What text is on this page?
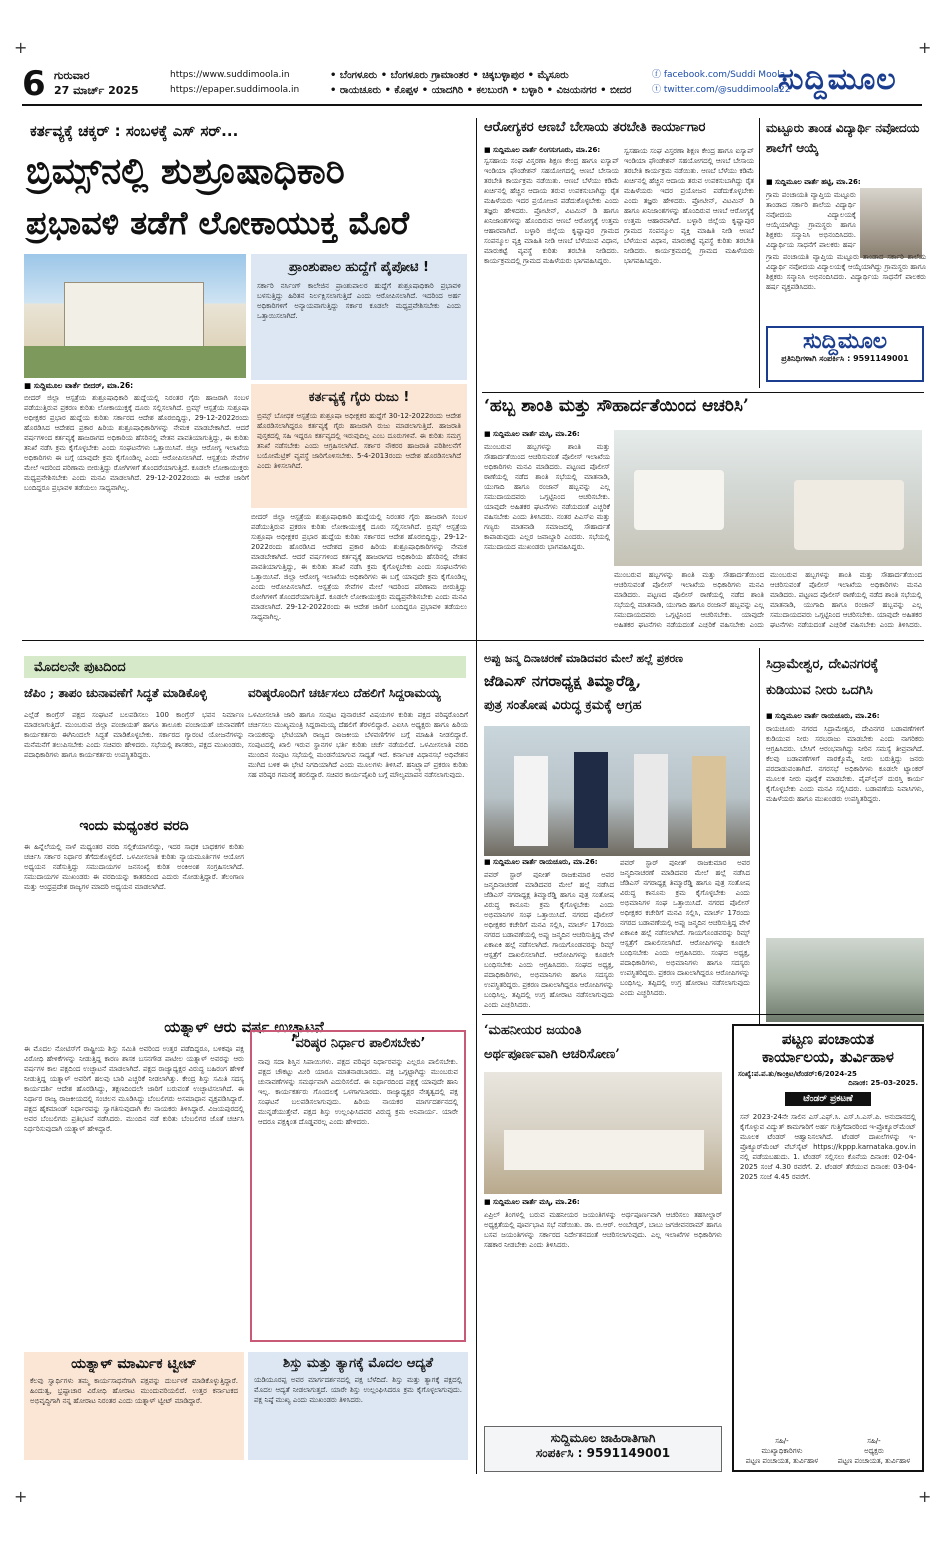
+	+
+	+
6 ಗುರುವಾರ
27 ಮಾರ್ಚ್ 2025
https://www.suddimoola.in
https://epaper.suddimoola.in
• ಬೆಂಗಳೂರು • ಬೆಂಗಳೂರು ಗ್ರಾಮಾಂತರ • ಚಿಕ್ಕಬಳ್ಳಾಪುರ • ಮೈಸೂರು
• ರಾಯಚೂರು • ಕೊಪ್ಪಳ • ಯಾದಗಿರಿ • ಕಲಬುರಗಿ • ಬಳ್ಳಾರಿ • ವಿಜಯನಗರ • ಬೀದರ
ⓕ facebook.com/Suddi Moola
ⓣ twitter.com/@suddimoola22
ಸುದ್ದಿಮೂಲ
ಕರ್ತವ್ಯಕ್ಕೆ ಚಕ್ಕರ್ : ಸಂಬಳಕ್ಕೆ ಎಸ್ ಸರ್...
ಬ್ರಿಮ್ಸ್‌ನಲ್ಲಿ ಶುಶ್ರೂಷಾಧಿಕಾರಿ
ಪ್ರಭಾವಳಿ ತಡೆಗೆ ಲೋಕಾಯುಕ್ತ ಮೊರೆ
■ ಸುದ್ದಿಮೂಲ ವಾರ್ತೆ ಬೀದರ್, ಮಾ.26:
ಬೀದರ್ ಜಿಲ್ಲಾ ಆಸ್ಪತ್ರೆಯ ಶುಶ್ರೂಷಾಧಿಕಾರಿ ಹುದ್ದೆಯಲ್ಲಿ ನಿರಂತರ ಗೈರು ಹಾಜರಾಗಿ ಸಂಬಳ ಪಡೆಯುತ್ತಿರುವ ಪ್ರಕರಣ ಕುರಿತು ಲೋಕಾಯುಕ್ತಕ್ಕೆ ದೂರು ಸಲ್ಲಿಸಲಾಗಿದೆ. ಬ್ರಿಮ್ಸ್ ಆಸ್ಪತ್ರೆಯ ಸುಶ್ರೂಷಾ ಅಧೀಕ್ಷಕರ ಪ್ರಭಾರ ಹುದ್ದೆಯ ಕುರಿತು ಸರ್ಕಾರದ ಆದೇಶ ಹೊರಬಿದ್ದಿದ್ದು, 29-12-2022ರಂದು ಹೊರಡಿಸಿದ ಆದೇಶದ ಪ್ರಕಾರ ಹಿರಿಯ ಶುಶ್ರೂಷಾಧಿಕಾರಿಗಳನ್ನು ನೇಮಕ ಮಾಡಬೇಕಾಗಿದೆ. ಆದರೆ ವರ್ಷಗಳಿಂದ ಕರ್ತವ್ಯಕ್ಕೆ ಹಾಜರಾಗದ ಅಧಿಕಾರಿಯ ಹೆಸರಿನಲ್ಲಿ ವೇತನ ಪಾವತಿಯಾಗುತ್ತಿದ್ದು, ಈ ಕುರಿತು ತನಿಖೆ ನಡೆಸಿ ಕ್ರಮ ಕೈಗೊಳ್ಳಬೇಕು ಎಂದು ಸಂಘಟನೆಗಳು ಒತ್ತಾಯಿಸಿವೆ. ಜಿಲ್ಲಾ ಆರೋಗ್ಯ ಇಲಾಖೆಯ ಅಧಿಕಾರಿಗಳು ಈ ಬಗ್ಗೆ ಯಾವುದೇ ಕ್ರಮ ಕೈಗೊಂಡಿಲ್ಲ ಎಂದು ಆರೋಪಿಸಲಾಗಿದೆ. ಆಸ್ಪತ್ರೆಯ ಸೇವೆಗಳ ಮೇಲೆ ಇದರಿಂದ ಪರಿಣಾಮ ಬೀರುತ್ತಿದ್ದು ರೋಗಿಗಳಿಗೆ ತೊಂದರೆಯಾಗುತ್ತಿದೆ. ಕೂಡಲೇ ಲೋಕಾಯುಕ್ತರು ಮಧ್ಯಪ್ರವೇಶಿಸಬೇಕು ಎಂದು ಮನವಿ ಮಾಡಲಾಗಿದೆ. 29-12-2022ರಂದು ಈ ಆದೇಶ ಜಾರಿಗೆ ಬಂದಿದ್ದರೂ ಪ್ರಭಾವಳಿ ತಡೆಯಲು ಸಾಧ್ಯವಾಗಿಲ್ಲ.
ಪ್ರಾಂಶುಪಾಲ ಹುದ್ದೆಗೆ ಪೈಪೋಟಿ !
ಸರ್ಕಾರಿ ನರ್ಸಿಂಗ್ ಕಾಲೇಜಿನ ಪ್ರಾಂಶುಪಾಲರ ಹುದ್ದೆಗೆ ಶುಶ್ರೂಷಾಧಿಕಾರಿ ಪ್ರಭಾವಳಿ ಬಳಸುತ್ತಿದ್ದು ಹಿರಿತನ ನಿರ್ಲಕ್ಷಿಸಲಾಗುತ್ತಿದೆ ಎಂದು ಆರೋಪಿಸಲಾಗಿದೆ. ಇದರಿಂದ ಅರ್ಹ ಅಧಿಕಾರಿಗಳಿಗೆ ಅನ್ಯಾಯವಾಗುತ್ತಿದ್ದು ಸರ್ಕಾರ ಕೂಡಲೇ ಮಧ್ಯಪ್ರವೇಶಿಸಬೇಕು ಎಂದು ಒತ್ತಾಯಿಸಲಾಗಿದೆ.
ಕರ್ತವ್ಯಕ್ಕೆ ಗೈರು ರುಜು !
ಬ್ರಿಮ್ಸ್ ಬೋಧಕ ಆಸ್ಪತ್ರೆಯ ಶುಶ್ರೂಷಾ ಅಧೀಕ್ಷಕರ ಹುದ್ದೆಗೆ 30-12-2022ರಂದು ಆದೇಶ ಹೊರಡಿಸಲಾಗಿದ್ದರೂ ಕರ್ತವ್ಯಕ್ಕೆ ಗೈರು ಹಾಜರಾಗಿ ರುಜು ಮಾಡಲಾಗುತ್ತಿದೆ. ಹಾಜರಾತಿ ಪುಸ್ತಕದಲ್ಲಿ ಸಹಿ ಇದ್ದರೂ ಕರ್ತವ್ಯದಲ್ಲಿ ಇರುವುದಿಲ್ಲ ಎಂಬ ದೂರುಗಳಿವೆ. ಈ ಕುರಿತು ಸಮಗ್ರ ತನಿಖೆ ನಡೆಸಬೇಕು ಎಂದು ಆಗ್ರಹಿಸಲಾಗಿದೆ. ಸರ್ಕಾರ ನೌಕರರ ಹಾಜರಾತಿ ಪರಿಶೀಲನೆಗೆ ಬಯೋಮೆಟ್ರಿಕ್ ವ್ಯವಸ್ಥೆ ಜಾರಿಗೊಳಿಸಬೇಕು. 5-4-2013ರಂದು ಆದೇಶ ಹೊರಡಿಸಲಾಗಿದೆ ಎಂದು ತಿಳಿಸಲಾಗಿದೆ.
ಬೀದರ್ ಜಿಲ್ಲಾ ಆಸ್ಪತ್ರೆಯ ಶುಶ್ರೂಷಾಧಿಕಾರಿ ಹುದ್ದೆಯಲ್ಲಿ ನಿರಂತರ ಗೈರು ಹಾಜರಾಗಿ ಸಂಬಳ ಪಡೆಯುತ್ತಿರುವ ಪ್ರಕರಣ ಕುರಿತು ಲೋಕಾಯುಕ್ತಕ್ಕೆ ದೂರು ಸಲ್ಲಿಸಲಾಗಿದೆ. ಬ್ರಿಮ್ಸ್ ಆಸ್ಪತ್ರೆಯ ಸುಶ್ರೂಷಾ ಅಧೀಕ್ಷಕರ ಪ್ರಭಾರ ಹುದ್ದೆಯ ಕುರಿತು ಸರ್ಕಾರದ ಆದೇಶ ಹೊರಬಿದ್ದಿದ್ದು, 29-12-2022ರಂದು ಹೊರಡಿಸಿದ ಆದೇಶದ ಪ್ರಕಾರ ಹಿರಿಯ ಶುಶ್ರೂಷಾಧಿಕಾರಿಗಳನ್ನು ನೇಮಕ ಮಾಡಬೇಕಾಗಿದೆ. ಆದರೆ ವರ್ಷಗಳಿಂದ ಕರ್ತವ್ಯಕ್ಕೆ ಹಾಜರಾಗದ ಅಧಿಕಾರಿಯ ಹೆಸರಿನಲ್ಲಿ ವೇತನ ಪಾವತಿಯಾಗುತ್ತಿದ್ದು, ಈ ಕುರಿತು ತನಿಖೆ ನಡೆಸಿ ಕ್ರಮ ಕೈಗೊಳ್ಳಬೇಕು ಎಂದು ಸಂಘಟನೆಗಳು ಒತ್ತಾಯಿಸಿವೆ. ಜಿಲ್ಲಾ ಆರೋಗ್ಯ ಇಲಾಖೆಯ ಅಧಿಕಾರಿಗಳು ಈ ಬಗ್ಗೆ ಯಾವುದೇ ಕ್ರಮ ಕೈಗೊಂಡಿಲ್ಲ ಎಂದು ಆರೋಪಿಸಲಾಗಿದೆ. ಆಸ್ಪತ್ರೆಯ ಸೇವೆಗಳ ಮೇಲೆ ಇದರಿಂದ ಪರಿಣಾಮ ಬೀರುತ್ತಿದ್ದು ರೋಗಿಗಳಿಗೆ ತೊಂದರೆಯಾಗುತ್ತಿದೆ. ಕೂಡಲೇ ಲೋಕಾಯುಕ್ತರು ಮಧ್ಯಪ್ರವೇಶಿಸಬೇಕು ಎಂದು ಮನವಿ ಮಾಡಲಾಗಿದೆ. 29-12-2022ರಂದು ಈ ಆದೇಶ ಜಾರಿಗೆ ಬಂದಿದ್ದರೂ ಪ್ರಭಾವಳಿ ತಡೆಯಲು ಸಾಧ್ಯವಾಗಿಲ್ಲ.
ಆರೋಗ್ಯಕರ ಆಣಬೆ ಬೇಸಾಯ ತರಬೇತಿ ಕಾರ್ಯಾಗಾರ
■ ಸುದ್ದಿಮೂಲ ವಾರ್ತೆ ಲಿಂಗಸುಗೂರು, ಮಾ.26:
ಸ್ವಸಹಾಯ ಸಂಘ ವಿಸ್ತರಣಾ ಶಿಕ್ಷಣ ಕೇಂದ್ರ ಹಾಗೂ ಐಸ್ಯಾಪ್ ಇಂಡಿಯಾ ಫೌಂಡೇಶನ್ ಸಹಯೋಗದಲ್ಲಿ ಆಣಬೆ ಬೇಸಾಯ ತರಬೇತಿ ಕಾರ್ಯಕ್ರಮ ನಡೆಯಿತು. ಆಣಬೆ ಬೆಳೆಯು ಕಡಿಮೆ ಖರ್ಚಿನಲ್ಲಿ ಹೆಚ್ಚಿನ ಆದಾಯ ತರುವ ಉಪಕಸುಬಾಗಿದ್ದು ರೈತ ಮಹಿಳೆಯರು ಇದರ ಪ್ರಯೋಜನ ಪಡೆದುಕೊಳ್ಳಬೇಕು ಎಂದು ತಜ್ಞರು ಹೇಳಿದರು. ಪ್ರೋಟೀನ್, ವಿಟಮಿನ್ ಡಿ ಹಾಗೂ ಖನಿಜಾಂಶಗಳನ್ನು ಹೊಂದಿರುವ ಆಣಬೆ ಆರೋಗ್ಯಕ್ಕೆ ಉತ್ತಮ ಆಹಾರವಾಗಿದೆ. ಬಳ್ಳಾರಿ ಜಿಲ್ಲೆಯ ಕೃಷ್ಣಾಪುರ ಗ್ರಾಮದ ಸಂಪನ್ಮೂಲ ವ್ಯಕ್ತಿ ಮಾಹಿತಿ ನೀಡಿ ಆಣಬೆ ಬೆಳೆಯುವ ವಿಧಾನ, ಮಾರುಕಟ್ಟೆ ವ್ಯವಸ್ಥೆ ಕುರಿತು ತರಬೇತಿ ನೀಡಿದರು. ಕಾರ್ಯಕ್ರಮದಲ್ಲಿ ಗ್ರಾಮದ ಮಹಿಳೆಯರು ಭಾಗವಹಿಸಿದ್ದರು.
ಸ್ವಸಹಾಯ ಸಂಘ ವಿಸ್ತರಣಾ ಶಿಕ್ಷಣ ಕೇಂದ್ರ ಹಾಗೂ ಐಸ್ಯಾಪ್ ಇಂಡಿಯಾ ಫೌಂಡೇಶನ್ ಸಹಯೋಗದಲ್ಲಿ ಆಣಬೆ ಬೇಸಾಯ ತರಬೇತಿ ಕಾರ್ಯಕ್ರಮ ನಡೆಯಿತು. ಆಣಬೆ ಬೆಳೆಯು ಕಡಿಮೆ ಖರ್ಚಿನಲ್ಲಿ ಹೆಚ್ಚಿನ ಆದಾಯ ತರುವ ಉಪಕಸುಬಾಗಿದ್ದು ರೈತ ಮಹಿಳೆಯರು ಇದರ ಪ್ರಯೋಜನ ಪಡೆದುಕೊಳ್ಳಬೇಕು ಎಂದು ತಜ್ಞರು ಹೇಳಿದರು. ಪ್ರೋಟೀನ್, ವಿಟಮಿನ್ ಡಿ ಹಾಗೂ ಖನಿಜಾಂಶಗಳನ್ನು ಹೊಂದಿರುವ ಆಣಬೆ ಆರೋಗ್ಯಕ್ಕೆ ಉತ್ತಮ ಆಹಾರವಾಗಿದೆ. ಬಳ್ಳಾರಿ ಜಿಲ್ಲೆಯ ಕೃಷ್ಣಾಪುರ ಗ್ರಾಮದ ಸಂಪನ್ಮೂಲ ವ್ಯಕ್ತಿ ಮಾಹಿತಿ ನೀಡಿ ಆಣಬೆ ಬೆಳೆಯುವ ವಿಧಾನ, ಮಾರುಕಟ್ಟೆ ವ್ಯವಸ್ಥೆ ಕುರಿತು ತರಬೇತಿ ನೀಡಿದರು. ಕಾರ್ಯಕ್ರಮದಲ್ಲಿ ಗ್ರಾಮದ ಮಹಿಳೆಯರು ಭಾಗವಹಿಸಿದ್ದರು.
ಮಟ್ಟೂರು ತಾಂಡ ವಿದ್ಯಾರ್ಥಿ ನವೋದಯ ಶಾಲೆಗೆ ಆಯ್ಕೆ
■ ಸುದ್ದಿಮೂಲ ವಾರ್ತೆ ಹಟ್ಟಿ, ಮಾ.26:
ಗ್ರಾಮ ಪಂಚಾಯತಿ ವ್ಯಾಪ್ತಿಯ ಮಟ್ಟೂರು ತಾಂಡಾದ ಸರ್ಕಾರಿ ಶಾಲೆಯ ವಿದ್ಯಾರ್ಥಿ ನವೋದಯ ವಿದ್ಯಾಲಯಕ್ಕೆ ಆಯ್ಕೆಯಾಗಿದ್ದು ಗ್ರಾಮಸ್ಥರು ಹಾಗೂ ಶಿಕ್ಷಕರು ಸನ್ಮಾನಿಸಿ ಅಭಿನಂದಿಸಿದರು. ವಿದ್ಯಾರ್ಥಿಯ ಸಾಧನೆಗೆ ಪಾಲಕರು ಹರ್ಷ
ಗ್ರಾಮ ಪಂಚಾಯತಿ ವ್ಯಾಪ್ತಿಯ ಮಟ್ಟೂರು ತಾಂಡಾದ ಸರ್ಕಾರಿ ಶಾಲೆಯ ವಿದ್ಯಾರ್ಥಿ ನವೋದಯ ವಿದ್ಯಾಲಯಕ್ಕೆ ಆಯ್ಕೆಯಾಗಿದ್ದು ಗ್ರಾಮಸ್ಥರು ಹಾಗೂ ಶಿಕ್ಷಕರು ಸನ್ಮಾನಿಸಿ ಅಭಿನಂದಿಸಿದರು. ವಿದ್ಯಾರ್ಥಿಯ ಸಾಧನೆಗೆ ಪಾಲಕರು ಹರ್ಷ ವ್ಯಕ್ತಪಡಿಸಿದರು.
ಸುದ್ದಿಮೂಲ
ಪ್ರತಿನಿಧಿಗಳಾಗಿ ಸಂಪರ್ಕಿಸಿ : 9591149001
‘ಹಬ್ಬ ಶಾಂತಿ ಮತ್ತು ಸೌಹಾರ್ದತೆಯಿಂದ ಆಚರಿಸಿ’
■ ಸುದ್ದಿಮೂಲ ವಾರ್ತೆ ಮಸ್ಕಿ, ಮಾ.26:
ಮುಂಬರುವ ಹಬ್ಬಗಳನ್ನು ಶಾಂತಿ ಮತ್ತು ಸೌಹಾರ್ದತೆಯಿಂದ ಆಚರಿಸುವಂತೆ ಪೊಲೀಸ್ ಇಲಾಖೆಯ ಅಧಿಕಾರಿಗಳು ಮನವಿ ಮಾಡಿದರು. ಪಟ್ಟಣದ ಪೊಲೀಸ್ ಠಾಣೆಯಲ್ಲಿ ನಡೆದ ಶಾಂತಿ ಸಭೆಯಲ್ಲಿ ಮಾತನಾಡಿ, ಯುಗಾದಿ ಹಾಗೂ ರಂಜಾನ್ ಹಬ್ಬವನ್ನು ಎಲ್ಲ ಸಮುದಾಯದವರು ಒಗ್ಗಟ್ಟಿನಿಂದ ಆಚರಿಸಬೇಕು. ಯಾವುದೇ ಅಹಿತಕರ ಘಟನೆಗಳು ನಡೆಯದಂತೆ ಎಚ್ಚರಿಕೆ ವಹಿಸಬೇಕು ಎಂದು ತಿಳಿಸಿದರು. ನಂತರ ಪಿಎಸ್ಐ ಮತ್ತು ಗಣ್ಯರು ಮಾತನಾಡಿ ಸಮಾಜದಲ್ಲಿ ಸೌಹಾರ್ದತೆ ಕಾಪಾಡುವುದು ಎಲ್ಲರ ಜವಾಬ್ದಾರಿ ಎಂದರು. ಸಭೆಯಲ್ಲಿ ಸಮುದಾಯದ ಮುಖಂಡರು ಭಾಗವಹಿಸಿದ್ದರು.
ಮುಂಬರುವ ಹಬ್ಬಗಳನ್ನು ಶಾಂತಿ ಮತ್ತು ಸೌಹಾರ್ದತೆಯಿಂದ ಆಚರಿಸುವಂತೆ ಪೊಲೀಸ್ ಇಲಾಖೆಯ ಅಧಿಕಾರಿಗಳು ಮನವಿ ಮಾಡಿದರು. ಪಟ್ಟಣದ ಪೊಲೀಸ್ ಠಾಣೆಯಲ್ಲಿ ನಡೆದ ಶಾಂತಿ ಸಭೆಯಲ್ಲಿ ಮಾತನಾಡಿ, ಯುಗಾದಿ ಹಾಗೂ ರಂಜಾನ್ ಹಬ್ಬವನ್ನು ಎಲ್ಲ ಸಮುದಾಯದವರು ಒಗ್ಗಟ್ಟಿನಿಂದ ಆಚರಿಸಬೇಕು. ಯಾವುದೇ ಅಹಿತಕರ ಘಟನೆಗಳು ನಡೆಯದಂತೆ ಎಚ್ಚರಿಕೆ ವಹಿಸಬೇಕು ಎಂದು
ಮುಂಬರುವ ಹಬ್ಬಗಳನ್ನು ಶಾಂತಿ ಮತ್ತು ಸೌಹಾರ್ದತೆಯಿಂದ ಆಚರಿಸುವಂತೆ ಪೊಲೀಸ್ ಇಲಾಖೆಯ ಅಧಿಕಾರಿಗಳು ಮನವಿ ಮಾಡಿದರು. ಪಟ್ಟಣದ ಪೊಲೀಸ್ ಠಾಣೆಯಲ್ಲಿ ನಡೆದ ಶಾಂತಿ ಸಭೆಯಲ್ಲಿ ಮಾತನಾಡಿ, ಯುಗಾದಿ ಹಾಗೂ ರಂಜಾನ್ ಹಬ್ಬವನ್ನು ಎಲ್ಲ ಸಮುದಾಯದವರು ಒಗ್ಗಟ್ಟಿನಿಂದ ಆಚರಿಸಬೇಕು. ಯಾವುದೇ ಅಹಿತಕರ ಘಟನೆಗಳು ನಡೆಯದಂತೆ ಎಚ್ಚರಿಕೆ ವಹಿಸಬೇಕು ಎಂದು ತಿಳಿಸಿದರು.
ಮೊದಲನೇ ಪುಟದಿಂದ
ಜೆಪಿಂ ; ತಾಪಂ ಚುನಾವಣೆಗೆ ಸಿದ್ಧತೆ ಮಾಡಿಕೊಳ್ಳಿ
ಎಲ್ಲೆಡೆ ಕಾಂಗ್ರೆಸ್ ಪಕ್ಷದ ಸಂಘಟನೆ ಬಲಪಡಿಸಲು 100 ಕಾಂಗ್ರೆಸ್ ಭವನ ನಿರ್ಮಾಣ ಮಾಡಲಾಗುತ್ತಿದೆ. ಮುಂಬರುವ ಜಿಲ್ಲಾ ಪಂಚಾಯತ್ ಹಾಗೂ ತಾಲೂಕು ಪಂಚಾಯತ್ ಚುನಾವಣೆಗೆ ಕಾರ್ಯಕರ್ತರು ಈಗಿನಿಂದಲೇ ಸಿದ್ಧತೆ ಮಾಡಿಕೊಳ್ಳಬೇಕು. ಸರ್ಕಾರದ ಗ್ಯಾರಂಟಿ ಯೋಜನೆಗಳನ್ನು ಮನೆಮನೆಗೆ ತಲುಪಿಸಬೇಕು ಎಂದು ಸಚಿವರು ಹೇಳಿದರು. ಸಭೆಯಲ್ಲಿ ಶಾಸಕರು, ಪಕ್ಷದ ಮುಖಂಡರು, ಪದಾಧಿಕಾರಿಗಳು ಹಾಗೂ ಕಾರ್ಯಕರ್ತರು ಉಪಸ್ಥಿತರಿದ್ದರು.
ಇಂದು ಮಧ್ಯಂತರ ವರದಿ
ಈ ಹಿನ್ನೆಲೆಯಲ್ಲಿ ನಾಳೆ ಮಧ್ಯಂತರ ವರದಿ ಸಲ್ಲಿಕೆಯಾಗಲಿದ್ದು, ಇದರ ಸಾಧಕ ಬಾಧಕಗಳ ಕುರಿತು ಚರ್ಚಿಸಿ ಸರ್ಕಾರ ನಿರ್ಧಾರ ತೆಗೆದುಕೊಳ್ಳಲಿದೆ. ಒಳಮೀಸಲಾತಿ ಕುರಿತು ನ್ಯಾಯಮೂರ್ತಿಗಳ ಆಯೋಗ ಅಧ್ಯಯನ ನಡೆಸುತ್ತಿದ್ದು ಸಮುದಾಯಗಳ ಜನಸಂಖ್ಯೆ ಕುರಿತ ಅಂಕಿಅಂಶ ಸಂಗ್ರಹಿಸಲಾಗಿದೆ. ಸಮುದಾಯಗಳ ಮುಖಂಡರು ಈ ವರದಿಯನ್ನು ಕಾತರದಿಂದ ಎದುರು ನೋಡುತ್ತಿದ್ದಾರೆ. ತೆಲಂಗಾಣ ಮತ್ತು ಆಂಧ್ರಪ್ರದೇಶ ರಾಜ್ಯಗಳ ಮಾದರಿ ಅಧ್ಯಯನ ಮಾಡಲಾಗಿದೆ.
ಯತ್ನಾಳ್ ಆರು ವರ್ಷ ಉಚ್ಛಾಟನೆ
ಈ ಮೊದಲ ನೋಟಿಸ್‌ಗೆ ರಾಷ್ಟ್ರೀಯ ಶಿಸ್ತು ಸಮಿತಿ ಅವರಿಂದ ಉತ್ತರ ಪಡೆದಿದ್ದರೂ, ಬಳಿಕವೂ ಪಕ್ಷ ವಿರೋಧಿ ಹೇಳಿಕೆಗಳನ್ನು ನೀಡುತ್ತಿದ್ದ ಕಾರಣ ಶಾಸಕ ಬಸನಗೌಡ ಪಾಟೀಲ ಯತ್ನಾಳ್ ಅವರನ್ನು ಆರು ವರ್ಷಗಳ ಕಾಲ ಪಕ್ಷದಿಂದ ಉಚ್ಛಾಟನೆ ಮಾಡಲಾಗಿದೆ. ಪಕ್ಷದ ರಾಜ್ಯಾಧ್ಯಕ್ಷರ ವಿರುದ್ಧ ಬಹಿರಂಗ ಹೇಳಿಕೆ ನೀಡುತ್ತಿದ್ದ ಯತ್ನಾಳ್ ಅವರಿಗೆ ಹಲವು ಬಾರಿ ಎಚ್ಚರಿಕೆ ನೀಡಲಾಗಿತ್ತು. ಕೇಂದ್ರ ಶಿಸ್ತು ಸಮಿತಿ ಸದಸ್ಯ ಕಾರ್ಯದರ್ಶಿ ಆದೇಶ ಹೊರಡಿಸಿದ್ದು, ತಕ್ಷಣದಿಂದಲೇ ಜಾರಿಗೆ ಬರುವಂತೆ ಉಚ್ಛಾಟಿಸಲಾಗಿದೆ. ಈ ನಿರ್ಧಾರ ರಾಜ್ಯ ರಾಜಕೀಯದಲ್ಲಿ ಸಂಚಲನ ಮೂಡಿಸಿದ್ದು ಬೆಂಬಲಿಗರು ಅಸಮಾಧಾನ ವ್ಯಕ್ತಪಡಿಸಿದ್ದಾರೆ. ಪಕ್ಷದ ಹೈಕಮಾಂಡ್ ನಿರ್ಧಾರವನ್ನು ಸ್ವಾಗತಿಸುವುದಾಗಿ ಕೆಲ ನಾಯಕರು ತಿಳಿಸಿದ್ದಾರೆ. ವಿಜಯಪುರದಲ್ಲಿ ಅವರ ಬೆಂಬಲಿಗರು ಪ್ರತಿಭಟನೆ ನಡೆಸಿದರು. ಮುಂದಿನ ನಡೆ ಕುರಿತು ಬೆಂಬಲಿಗರ ಜೊತೆ ಚರ್ಚಿಸಿ ನಿರ್ಧರಿಸುವುದಾಗಿ ಯತ್ನಾಳ್ ಹೇಳಿದ್ದಾರೆ.
ಯತ್ನಾಳ್ ಮಾರ್ಮಿಕ ಟ್ವೀಟ್
ಕೆಲವು ಸ್ವಾರ್ಥಿಗಳು ತಮ್ಮ ಕಾರ್ಯಸಾಧನೆಗಾಗಿ ಪಕ್ಷವನ್ನು ದುರ್ಬಳಕೆ ಮಾಡಿಕೊಳ್ಳುತ್ತಿದ್ದಾರೆ. ಹಿಂದುತ್ವ, ಭ್ರಷ್ಟಾಚಾರ ವಿರೋಧಿ ಹೋರಾಟ ಮುಂದುವರಿಯಲಿದೆ. ಉತ್ತರ ಕರ್ನಾಟಕದ ಅಭಿವೃದ್ಧಿಗಾಗಿ ನನ್ನ ಹೋರಾಟ ನಿರಂತರ ಎಂದು ಯತ್ನಾಳ್ ಟ್ವೀಟ್ ಮಾಡಿದ್ದಾರೆ.
ವರಿಷ್ಠರೊಂದಿಗೆ ಚರ್ಚಿಸಲು ದೆಹಲಿಗೆ ಸಿದ್ದರಾಮಯ್ಯ
ಒಳಮೀಸಲಾತಿ ಜಾರಿ ಹಾಗೂ ಸಂಪುಟ ಪುನಾರಚನೆ ವಿಷಯಗಳ ಕುರಿತು ಪಕ್ಷದ ವರಿಷ್ಠರೊಂದಿಗೆ ಚರ್ಚಿಸಲು ಮುಖ್ಯಮಂತ್ರಿ ಸಿದ್ದರಾಮಯ್ಯ ದೆಹಲಿಗೆ ತೆರಳಲಿದ್ದಾರೆ. ಎಐಸಿಸಿ ಅಧ್ಯಕ್ಷರು ಹಾಗೂ ಹಿರಿಯ ನಾಯಕರನ್ನು ಭೇಟಿಯಾಗಿ ರಾಜ್ಯದ ರಾಜಕೀಯ ಬೆಳವಣಿಗೆಗಳ ಬಗ್ಗೆ ಮಾಹಿತಿ ನೀಡಲಿದ್ದಾರೆ. ಸಂಪುಟದಲ್ಲಿ ಖಾಲಿ ಇರುವ ಸ್ಥಾನಗಳ ಭರ್ತಿ ಕುರಿತು ಚರ್ಚೆ ನಡೆಯಲಿದೆ. ಒಳಮೀಸಲಾತಿ ವರದಿ ಮುಂದಿನ ಸಂಪುಟ ಸಭೆಯಲ್ಲಿ ಮಂಡನೆಯಾಗುವ ಸಾಧ್ಯತೆ ಇದೆ. ಕರ್ನಾಟಕ ವಿಧಾನಸಭೆ ಅಧಿವೇಶನ ಮುಗಿದ ಬಳಿಕ ಈ ಭೇಟಿ ನಿಗದಿಯಾಗಿದೆ ಎಂದು ಮೂಲಗಳು ತಿಳಿಸಿವೆ. ಹನಿಟ್ರ್ಯಾಪ್ ಪ್ರಕರಣ ಕುರಿತು ಸಹ ವರಿಷ್ಠರ ಗಮನಕ್ಕೆ ತರಲಿದ್ದಾರೆ. ಸಚಿವರ ಕಾರ್ಯವೈಖರಿ ಬಗ್ಗೆ ಮೌಲ್ಯಮಾಪನ ನಡೆಸಲಾಗುವುದು.
‘ವರಿಷ್ಠರ ನಿರ್ಧಾರ ಪಾಲಿಸಬೇಕು’
ನಾವು ಸದಾ ಶಿಸ್ತಿನ ಸಿಪಾಯಿಗಳು. ಪಕ್ಷದ ವರಿಷ್ಠರ ನಿರ್ಧಾರವನ್ನು ಎಲ್ಲರೂ ಪಾಲಿಸಬೇಕು. ಪಕ್ಷದ ಚೌಕಟ್ಟು ಮೀರಿ ಯಾರೂ ಮಾತನಾಡಬಾರದು. ಪಕ್ಷ ಒಗ್ಗಟ್ಟಾಗಿದ್ದು ಮುಂಬರುವ ಚುನಾವಣೆಗಳನ್ನು ಸಮರ್ಥವಾಗಿ ಎದುರಿಸಲಿದೆ. ಈ ನಿರ್ಧಾರದಿಂದ ಪಕ್ಷಕ್ಕೆ ಯಾವುದೇ ಹಾನಿ ಇಲ್ಲ. ಕಾರ್ಯಕರ್ತರು ಗೊಂದಲಕ್ಕೆ ಒಳಗಾಗಬಾರದು. ರಾಜ್ಯಾಧ್ಯಕ್ಷರ ನೇತೃತ್ವದಲ್ಲಿ ಪಕ್ಷ ಸಂಘಟನೆ ಬಲಪಡಿಸಲಾಗುವುದು. ಹಿರಿಯ ನಾಯಕರ ಮಾರ್ಗದರ್ಶನದಲ್ಲಿ ಮುನ್ನಡೆಯುತ್ತೇವೆ. ಪಕ್ಷದ ಶಿಸ್ತು ಉಲ್ಲಂಘಿಸಿದವರ ವಿರುದ್ಧ ಕ್ರಮ ಅನಿವಾರ್ಯ. ಯಾರೇ ಆದರೂ ಪಕ್ಷಕ್ಕಿಂತ ದೊಡ್ಡವರಲ್ಲ ಎಂದು ಹೇಳಿದರು.
ಶಿಸ್ತು ಮತ್ತು ತ್ಯಾಗಕ್ಕೆ ಮೊದಲ ಆದ್ಯತೆ
ಯಡಿಯೂರಪ್ಪ ಅವರ ಮಾರ್ಗದರ್ಶನದಲ್ಲಿ ಪಕ್ಷ ಬೆಳೆದಿದೆ. ಶಿಸ್ತು ಮತ್ತು ತ್ಯಾಗಕ್ಕೆ ಪಕ್ಷದಲ್ಲಿ ಮೊದಲ ಆದ್ಯತೆ ನೀಡಲಾಗುತ್ತದೆ. ಯಾರೇ ಶಿಸ್ತು ಉಲ್ಲಂಘಿಸಿದರೂ ಕ್ರಮ ಕೈಗೊಳ್ಳಲಾಗುವುದು. ಪಕ್ಷ ನಿಷ್ಠೆ ಮುಖ್ಯ ಎಂದು ಮುಖಂಡರು ತಿಳಿಸಿದರು.
ಅಪ್ಪು ಜನ್ಮ ದಿನಾಚರಣೆ ಮಾಡಿದವರ ಮೇಲೆ ಹಲ್ಲೆ ಪ್ರಕರಣ
ಜೆಡಿಎಸ್ ನಗರಾಧ್ಯಕ್ಷ ತಿಮ್ಮಾರೆಡ್ಡಿ,
ಪುತ್ರ ಸಂತೋಷ ವಿರುದ್ಧ ಕ್ರಮಕ್ಕೆ ಆಗ್ರಹ
■ ಸುದ್ದಿಮೂಲ ವಾರ್ತೆ ರಾಯಚೂರು, ಮಾ.26:
ಪವರ್ ಸ್ಟಾರ್ ಪುನೀತ್ ರಾಜಕುಮಾರ ಅವರ ಜನ್ಮದಿನಾಚರಣೆ ಮಾಡಿದವರ ಮೇಲೆ ಹಲ್ಲೆ ನಡೆಸಿದ ಜೆಡಿಎಸ್ ನಗರಾಧ್ಯಕ್ಷ ತಿಮ್ಮಾರೆಡ್ಡಿ ಹಾಗೂ ಪುತ್ರ ಸಂತೋಷ ವಿರುದ್ಧ ಕಾನೂನು ಕ್ರಮ ಕೈಗೊಳ್ಳಬೇಕು ಎಂದು ಅಭಿಮಾನಿಗಳ ಸಂಘ ಒತ್ತಾಯಿಸಿದೆ. ನಗರದ ಪೊಲೀಸ್ ಅಧೀಕ್ಷಕರ ಕಚೇರಿಗೆ ಮನವಿ ಸಲ್ಲಿಸಿ, ಮಾರ್ಚ್ 17ರಂದು ನಗರದ ಬಡಾವಣೆಯಲ್ಲಿ ಅಪ್ಪು ಜನ್ಮದಿನ ಆಚರಿಸುತ್ತಿದ್ದ ವೇಳೆ ಏಕಾಏಕಿ ಹಲ್ಲೆ ನಡೆಸಲಾಗಿದೆ. ಗಾಯಗೊಂಡವರನ್ನು ರಿಮ್ಸ್ ಆಸ್ಪತ್ರೆಗೆ ದಾಖಲಿಸಲಾಗಿದೆ. ಆರೋಪಿಗಳನ್ನು ಕೂಡಲೇ ಬಂಧಿಸಬೇಕು ಎಂದು ಆಗ್ರಹಿಸಿದರು. ಸಂಘದ ಅಧ್ಯಕ್ಷ, ಪದಾಧಿಕಾರಿಗಳು, ಅಭಿಮಾನಿಗಳು ಹಾಗೂ ಸದಸ್ಯರು ಉಪಸ್ಥಿತರಿದ್ದರು. ಪ್ರಕರಣ ದಾಖಲಾಗಿದ್ದರೂ ಆರೋಪಿಗಳನ್ನು ಬಂಧಿಸಿಲ್ಲ. ತಪ್ಪಿದಲ್ಲಿ ಉಗ್ರ ಹೋರಾಟ ನಡೆಸಲಾಗುವುದು ಎಂದು ಎಚ್ಚರಿಸಿದರು.
ಪವರ್ ಸ್ಟಾರ್ ಪುನೀತ್ ರಾಜಕುಮಾರ ಅವರ ಜನ್ಮದಿನಾಚರಣೆ ಮಾಡಿದವರ ಮೇಲೆ ಹಲ್ಲೆ ನಡೆಸಿದ ಜೆಡಿಎಸ್ ನಗರಾಧ್ಯಕ್ಷ ತಿಮ್ಮಾರೆಡ್ಡಿ ಹಾಗೂ ಪುತ್ರ ಸಂತೋಷ ವಿರುದ್ಧ ಕಾನೂನು ಕ್ರಮ ಕೈಗೊಳ್ಳಬೇಕು ಎಂದು ಅಭಿಮಾನಿಗಳ ಸಂಘ ಒತ್ತಾಯಿಸಿದೆ. ನಗರದ ಪೊಲೀಸ್ ಅಧೀಕ್ಷಕರ ಕಚೇರಿಗೆ ಮನವಿ ಸಲ್ಲಿಸಿ, ಮಾರ್ಚ್ 17ರಂದು ನಗರದ ಬಡಾವಣೆಯಲ್ಲಿ ಅಪ್ಪು ಜನ್ಮದಿನ ಆಚರಿಸುತ್ತಿದ್ದ ವೇಳೆ ಏಕಾಏಕಿ ಹಲ್ಲೆ ನಡೆಸಲಾಗಿದೆ. ಗಾಯಗೊಂಡವರನ್ನು ರಿಮ್ಸ್ ಆಸ್ಪತ್ರೆಗೆ ದಾಖಲಿಸಲಾಗಿದೆ. ಆರೋಪಿಗಳನ್ನು ಕೂಡಲೇ ಬಂಧಿಸಬೇಕು ಎಂದು ಆಗ್ರಹಿಸಿದರು. ಸಂಘದ ಅಧ್ಯಕ್ಷ, ಪದಾಧಿಕಾರಿಗಳು, ಅಭಿಮಾನಿಗಳು ಹಾಗೂ ಸದಸ್ಯರು ಉಪಸ್ಥಿತರಿದ್ದರು. ಪ್ರಕರಣ ದಾಖಲಾಗಿದ್ದರೂ ಆರೋಪಿಗಳನ್ನು ಬಂಧಿಸಿಲ್ಲ. ತಪ್ಪಿದಲ್ಲಿ ಉಗ್ರ ಹೋರಾಟ ನಡೆಸಲಾಗುವುದು ಎಂದು ಎಚ್ಚರಿಸಿದರು.
ಸಿದ್ರಾಮೇಶ್ವರ, ದೇವಿನಗರಕ್ಕೆ
ಕುಡಿಯುವ ನೀರು ಒದಗಿಸಿ
■ ಸುದ್ದಿಮೂಲ ವಾರ್ತೆ ರಾಯಚೂರು, ಮಾ.26:
ರಾಯಚೂರು ನಗರದ ಸಿದ್ರಾಮೇಶ್ವರ, ದೇವಿನಗರ ಬಡಾವಣೆಗಳಿಗೆ ಕುಡಿಯುವ ನೀರು ಸರಬರಾಜು ಮಾಡಬೇಕು ಎಂದು ನಾಗರಿಕರು ಆಗ್ರಹಿಸಿದರು. ಬೇಸಿಗೆ ಆರಂಭವಾಗಿದ್ದು ನೀರಿನ ಸಮಸ್ಯೆ ತೀವ್ರವಾಗಿದೆ. ಕೆಲವು ಬಡಾವಣೆಗಳಿಗೆ ವಾರಕ್ಕೊಮ್ಮೆ ನೀರು ಬರುತ್ತಿದ್ದು ಜನರು ಪರದಾಡುವಂತಾಗಿದೆ. ನಗರಸಭೆ ಅಧಿಕಾರಿಗಳು ಕೂಡಲೇ ಟ್ಯಾಂಕರ್ ಮೂಲಕ ನೀರು ಪೂರೈಕೆ ಮಾಡಬೇಕು. ಪೈಪ್‌ಲೈನ್ ದುರಸ್ತಿ ಕಾರ್ಯ ಕೈಗೊಳ್ಳಬೇಕು ಎಂದು ಮನವಿ ಸಲ್ಲಿಸಿದರು. ಬಡಾವಣೆಯ ನಿವಾಸಿಗಳು, ಮಹಿಳೆಯರು ಹಾಗೂ ಮುಖಂಡರು ಉಪಸ್ಥಿತರಿದ್ದರು.
‘ಮಹನೀಯರ ಜಯಂತಿ
ಅರ್ಥಪೂರ್ಣವಾಗಿ ಆಚರಿಸೋಣ’
■ ಸುದ್ದಿಮೂಲ ವಾರ್ತೆ ಮಸ್ಕಿ, ಮಾ.26:
ಏಪ್ರಿಲ್ ತಿಂಗಳಲ್ಲಿ ಬರುವ ಮಹನೀಯರ ಜಯಂತಿಗಳನ್ನು ಅರ್ಥಪೂರ್ಣವಾಗಿ ಆಚರಿಸಲು ತಹಸೀಲ್ದಾರ್ ಅಧ್ಯಕ್ಷತೆಯಲ್ಲಿ ಪೂರ್ವಭಾವಿ ಸಭೆ ನಡೆಯಿತು. ಡಾ. ಬಿ.ಆರ್. ಅಂಬೇಡ್ಕರ್, ಬಾಬು ಜಗಜೀವನರಾಮ್ ಹಾಗೂ ಬಸವ ಜಯಂತಿಗಳನ್ನು ಸರ್ಕಾರದ ನಿರ್ದೇಶನದಂತೆ ಆಚರಿಸಲಾಗುವುದು. ಎಲ್ಲ ಇಲಾಖೆಗಳ ಅಧಿಕಾರಿಗಳು ಸಹಕಾರ ನೀಡಬೇಕು ಎಂದು ತಿಳಿಸಿದರು.
ಸುದ್ದಿಮೂಲ ಜಾಹಿರಾತಿಗಾಗಿ
ಸಂಪರ್ಕಿಸಿ : 9591149001
ಪಟ್ಟಣ ಪಂಚಾಯತ
ಕಾರ್ಯಾಲಯ, ತುರ್ವಿಹಾಳ
ಸಂಖ್ಯೆ:ಪ.ಪ.ತು/ಕಾಂಕ್ರಿಟ/ಟೆಂಡರ್:6/2024-25
ದಿನಾಂಕ: 25-03-2025.
ಟೆಂಡರ್ ಪ್ರಕಟಣೆ
ಸನ್ 2023-24ನೇ ಸಾಲಿನ ಎಸ್.ಎಫ್.ಸಿ. ಎಸ್.ಸಿ.ಎಸ್.ಪಿ. ಅನುದಾನದಲ್ಲಿ ಕೈಗೊಳ್ಳುವ ವಿದ್ಯುತ್ ಕಾಮಗಾರಿಗೆ ಅರ್ಹ ಗುತ್ತಿಗೆದಾರರಿಂದ ಇ-ಪ್ರೊಕ್ಯೂರ್‌ಮೆಂಟ್ ಮೂಲಕ ಟೆಂಡರ್ ಆಹ್ವಾನಿಸಲಾಗಿದೆ. ಟೆಂಡರ್ ದಾಖಲೆಗಳನ್ನು ಇ-ಪ್ರೊಕ್ಯೂರ್‌ಮೆಂಟ್ ವೆಬ್‌ಸೈಟ್ https://kppp.karnataka.gov.in ನಲ್ಲಿ ಪಡೆಯಬಹುದು. 1. ಟೆಂಡರ್ ಸಲ್ಲಿಸಲು ಕೊನೆಯ ದಿನಾಂಕ: 02-04-2025 ಸಂಜೆ 4.30 ರವರೆಗೆ. 2. ಟೆಂಡರ್ ತೆರೆಯುವ ದಿನಾಂಕ: 03-04-2025 ಸಂಜೆ 4.45 ರವರೆಗೆ.
ಸಹಿ/-
ಮುಖ್ಯಾಧಿಕಾರಿಗಳು
ಪಟ್ಟಣ ಪಂಚಾಯತ, ತುರ್ವಿಹಾಳ
ಸಹಿ/-
ಅಧ್ಯಕ್ಷರು
ಪಟ್ಟಣ ಪಂಚಾಯತ, ತುರ್ವಿಹಾಳ
